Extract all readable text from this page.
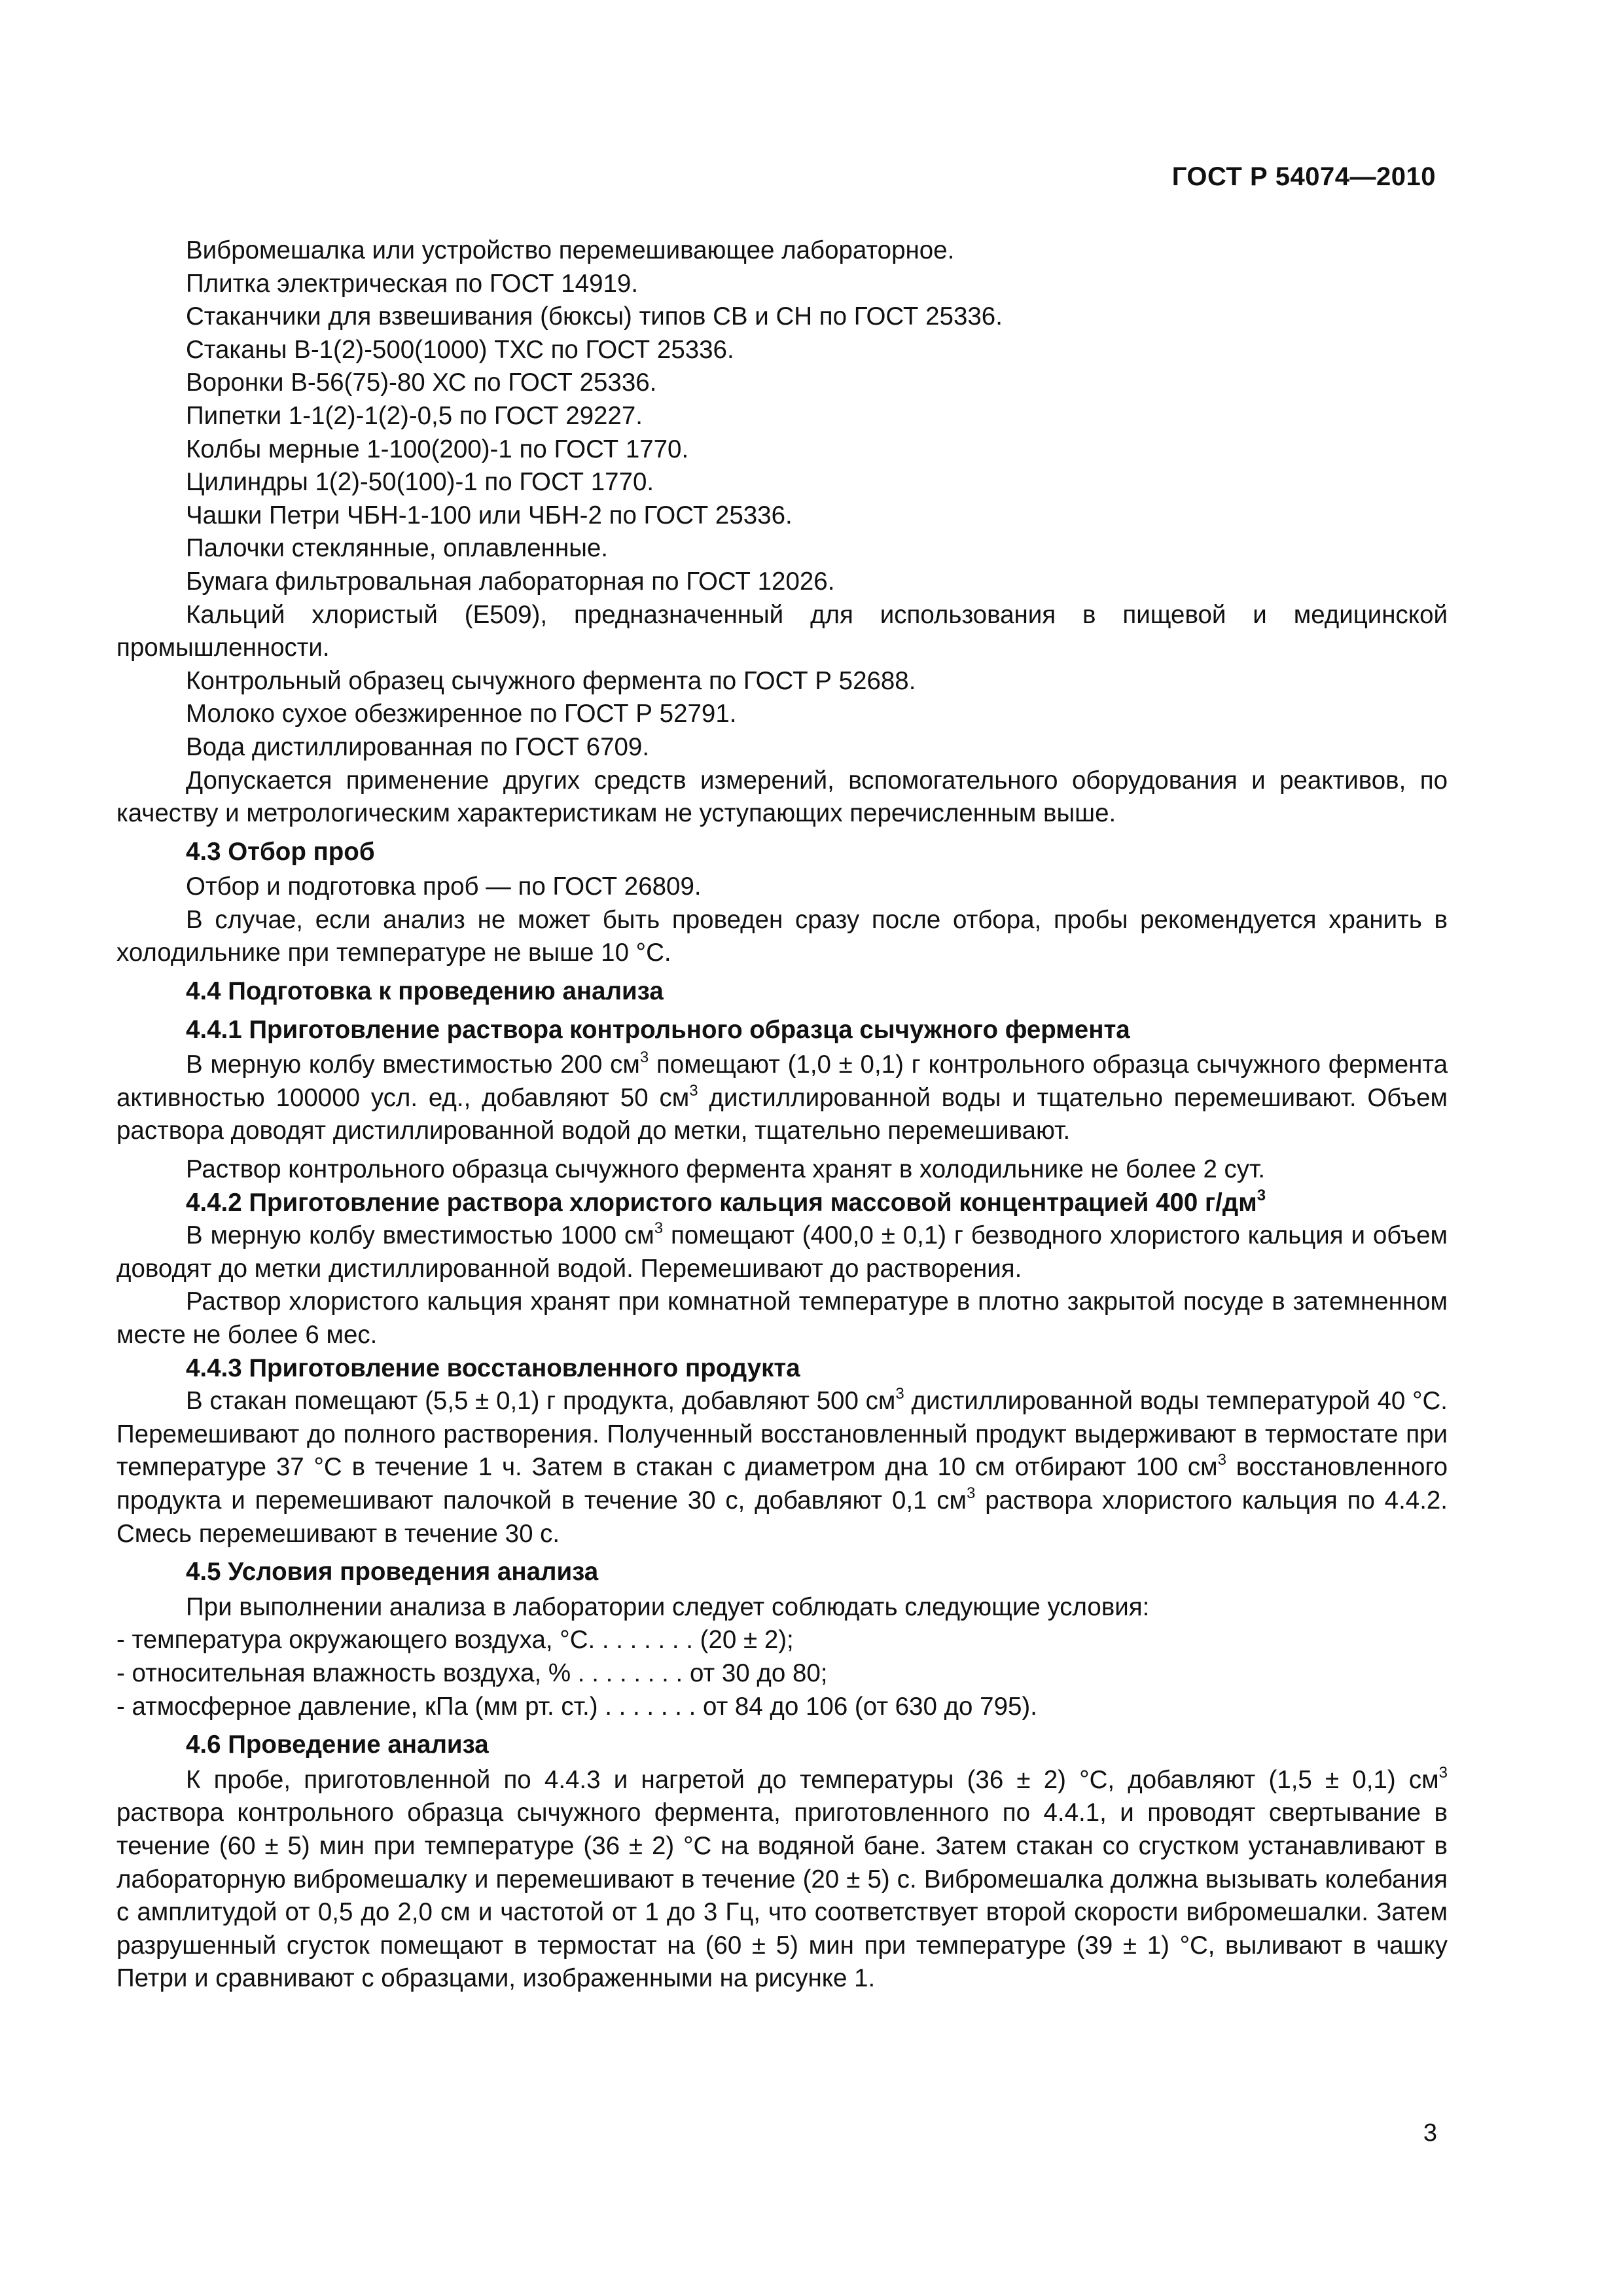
ГОСТ Р 54074—2010

Вибромешалка или устройство перемешивающее лабораторное.

Плитка электрическая по ГОСТ 14919.

Стаканчики для взвешивания (бюксы) типов СВ и СН по ГОСТ 25336.

Стаканы В-1(2)-500(1000) ТХС по ГОСТ 25336.

Воронки В-56(75)-80 ХС по ГОСТ 25336.

Пипетки 1-1(2)-1(2)-0,5 по ГОСТ 29227.

Колбы мерные 1-100(200)-1 по ГОСТ 1770.

Цилиндры 1(2)-50(100)-1 по ГОСТ 1770.

Чашки Петри ЧБН-1-100 или ЧБН-2 по ГОСТ 25336.

Палочки стеклянные, оплавленные.

Бумага фильтровальная лабораторная по ГОСТ 12026.

Кальций хлористый (Е509), предназначенный для использования в пищевой и медицинской промышленности.

Контрольный образец сычужного фермента по ГОСТ Р 52688.

Молоко сухое обезжиренное по ГОСТ Р 52791.

Вода дистиллированная по ГОСТ 6709.

Допускается применение других средств измерений, вспомогательного оборудования и реактивов, по качеству и метрологическим характеристикам не уступающих перечисленным выше.

4.3 Отбор проб

Отбор и подготовка проб — по ГОСТ 26809.

В случае, если анализ не может быть проведен сразу после отбора, пробы рекомендуется хранить в холодильнике при температуре не выше 10 °С.

4.4 Подготовка к проведению анализа

4.4.1 Приготовление раствора контрольного образца сычужного фермента

В мерную колбу вместимостью 200 $см^3$ помещают (1,0 ± 0,1) г контрольного образца сычужного фермента активностью 100000 усл. ед., добавляют 50 $см^3$ дистиллированной воды и тщательно перемешивают. Объем раствора доводят дистиллированной водой до метки, тщательно перемешивают.

Раствор контрольного образца сычужного фермента хранят в холодильнике не более 2 сут.

4.4.2 Приготовление раствора хлористого кальция массовой концентрацией 400 $г/дм^3$

В мерную колбу вместимостью 1000 $см^3$ помещают (400,0 ± 0,1) г безводного хлористого кальция и объем доводят до метки дистиллированной водой. Перемешивают до растворения.

Раствор хлористого кальция хранят при комнатной температуре в плотно закрытой посуде в затемненном месте не более 6 мес.

4.4.3 Приготовление восстановленного продукта

В стакан помещают (5,5 ± 0,1) г продукта, добавляют 500 $см^3$ дистиллированной воды температурой 40 °С. Перемешивают до полного растворения. Полученный восстановленный продукт выдерживают в термостате при температуре 37 °С в течение 1 ч. Затем в стакан с диаметром дна 10 см отбирают 100 $см^3$ восстановленного продукта и перемешивают палочкой в течение 30 с, добавляют 0,1 $см^3$ раствора хлористого кальция по 4.4.2. Смесь перемешивают в течение 30 с.

4.5 Условия проведения анализа

При выполнении анализа в лаборатории следует соблюдать следующие условия:

- температура окружающего воздуха, °С. . . . . . . . (20 ± 2);

- относительная влажность воздуха, % . . . . . . . . от 30 до 80;

- атмосферное давление, кПа (мм рт. ст.) . . . . . . . от 84 до 106 (от 630 до 795).

4.6 Проведение анализа

К пробе, приготовленной по 4.4.3 и нагретой до температуры (36 ± 2) °С, добавляют (1,5 ± 0,1) $см^3$ раствора контрольного образца сычужного фермента, приготовленного по 4.4.1, и проводят свертывание в течение (60 ± 5) мин при температуре (36 ± 2) °С на водяной бане. Затем стакан со сгустком устанавливают в лабораторную вибромешалку и перемешивают в течение (20 ± 5) с. Вибромешалка должна вызывать колебания с амплитудой от 0,5 до 2,0 см и частотой от 1 до 3 Гц, что соответствует второй скорости вибромешалки. Затем разрушенный сгусток помещают в термостат на (60 ± 5) мин при температуре (39 ± 1) °С, выливают в чашку Петри и сравнивают с образцами, изображенными на рисунке 1.

3
